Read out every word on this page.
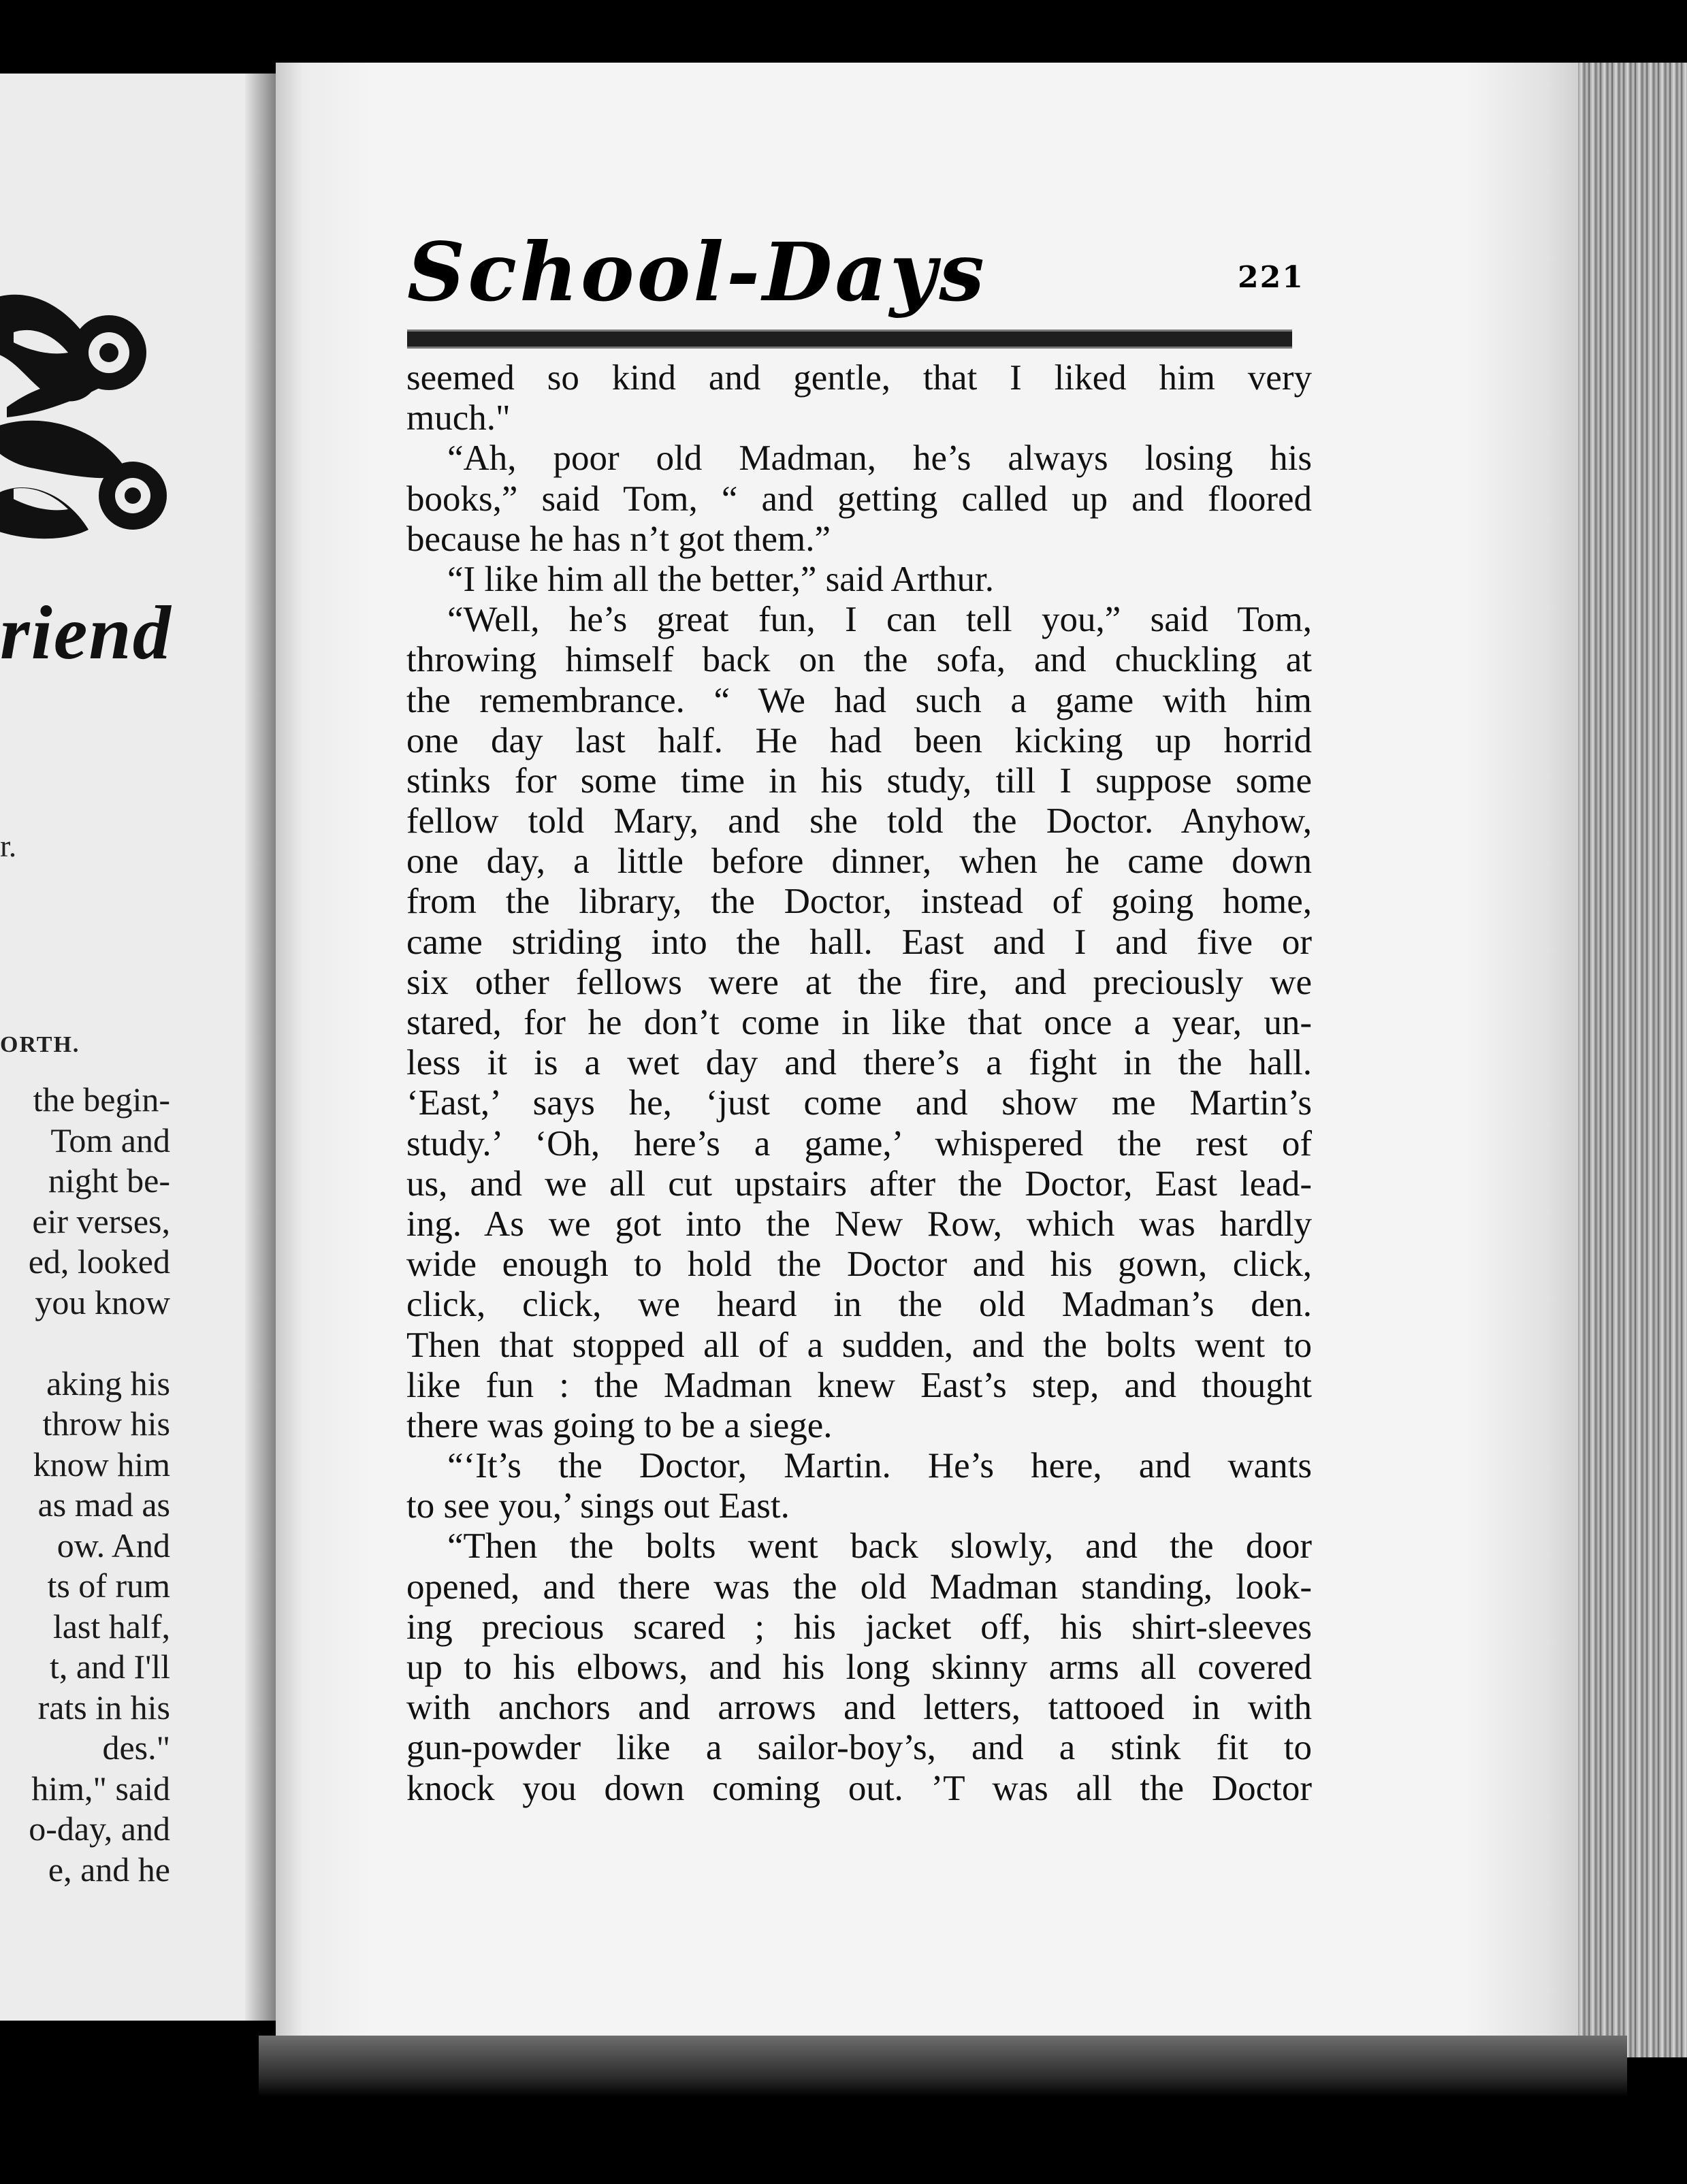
riend
r.
ORTH.
the begin-
Tom and
night be-
eir verses,
ed, looked
you know

aking his
throw his
know him
as mad as
ow. And
ts of rum
last half,
t, and I'll
rats in his
des."
him," said
o-day, and
e, and he
School-Days	221
seemed so kind and gentle, that I liked him very
much."
“Ah, poor old Madman, he’s always losing his
books,” said Tom, “ and getting called up and floored
because he has n’t got them.”
“I like him all the better,” said Arthur.
“Well, he’s great fun, I can tell you,” said Tom,
throwing himself back on the sofa, and chuckling at
the remembrance. “ We had such a game with him
one day last half. He had been kicking up horrid
stinks for some time in his study, till I suppose some
fellow told Mary, and she told the Doctor. Anyhow,
one day, a little before dinner, when he came down
from the library, the Doctor, instead of going home,
came striding into the hall. East and I and five or
six other fellows were at the fire, and preciously we
stared, for he don’t come in like that once a year, un-
less it is a wet day and there’s a fight in the hall.
‘East,’ says he, ‘just come and show me Martin’s
study.’ ‘Oh, here’s a game,’ whispered the rest of
us, and we all cut upstairs after the Doctor, East lead-
ing. As we got into the New Row, which was hardly
wide enough to hold the Doctor and his gown, click,
click, click, we heard in the old Madman’s den.
Then that stopped all of a sudden, and the bolts went to
like fun : the Madman knew East’s step, and thought
there was going to be a siege.
“‘It’s the Doctor, Martin. He’s here, and wants
to see you,’ sings out East.
“Then the bolts went back slowly, and the door
opened, and there was the old Madman standing, look-
ing precious scared ; his jacket off, his shirt-sleeves
up to his elbows, and his long skinny arms all covered
with anchors and arrows and letters, tattooed in with
gun-powder like a sailor-boy’s, and a stink fit to
knock you down coming out. ’T was all the Doctor
